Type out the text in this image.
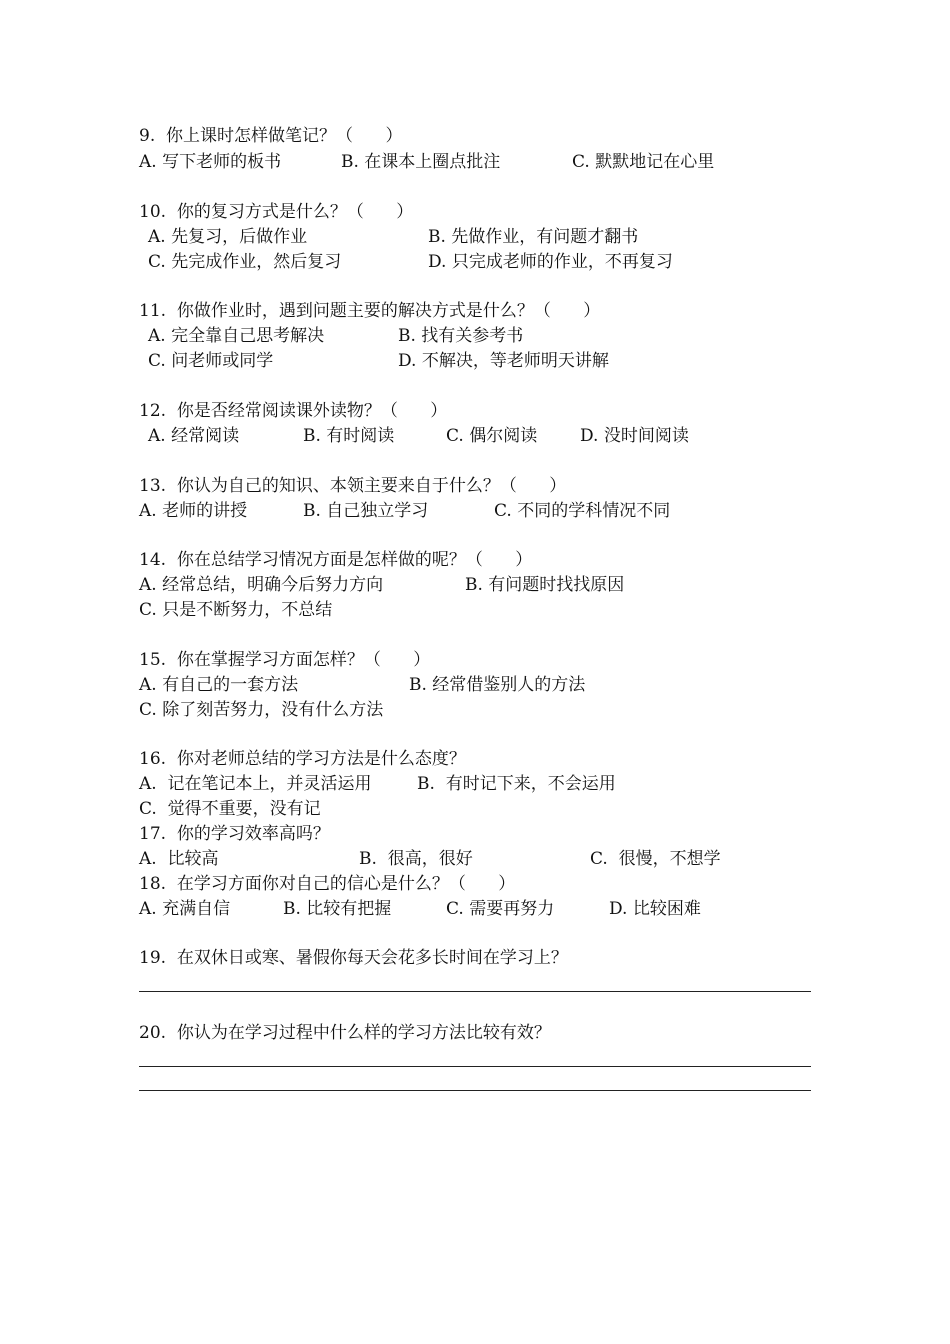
9.  你上课时怎样做笔记？（      ）
A. 写下老师的板书	B. 在课本上圈点批注	C. 默默地记在心里
10.  你的复习方式是什么？（      ）
A. 先复习，后做作业	B. 先做作业，有问题才翻书
C. 先完成作业，然后复习	D. 只完成老师的作业，不再复习
11.  你做作业时，遇到问题主要的解决方式是什么？（      ）
A. 完全靠自己思考解决	B. 找有关参考书
C. 问老师或同学	D. 不解决，等老师明天讲解
12.  你是否经常阅读课外读物？（      ）
A. 经常阅读	B. 有时阅读	C. 偶尔阅读	D. 没时间阅读
13.  你认为自己的知识、本领主要来自于什么？（      ）
A. 老师的讲授	B. 自己独立学习	C. 不同的学科情况不同
14.  你在总结学习情况方面是怎样做的呢？（      ）
A. 经常总结，明确今后努力方向	B. 有问题时找找原因
C. 只是不断努力，不总结
15.  你在掌握学习方面怎样？（      ）
A. 有自己的一套方法	B. 经常借鉴别人的方法
C. 除了刻苦努力，没有什么方法
16.  你对老师总结的学习方法是什么态度？
A.  记在笔记本上，并灵活运用	B.  有时记下来，不会运用
C.  觉得不重要，没有记
17.  你的学习效率高吗？
A.  比较高	B.  很高，很好	C.  很慢，不想学
18.  在学习方面你对自己的信心是什么？（      ）
A. 充满自信	B. 比较有把握	C. 需要再努力	D. 比较困难
19.  在双休日或寒、暑假你每天会花多长时间在学习上？
20.  你认为在学习过程中什么样的学习方法比较有效？
